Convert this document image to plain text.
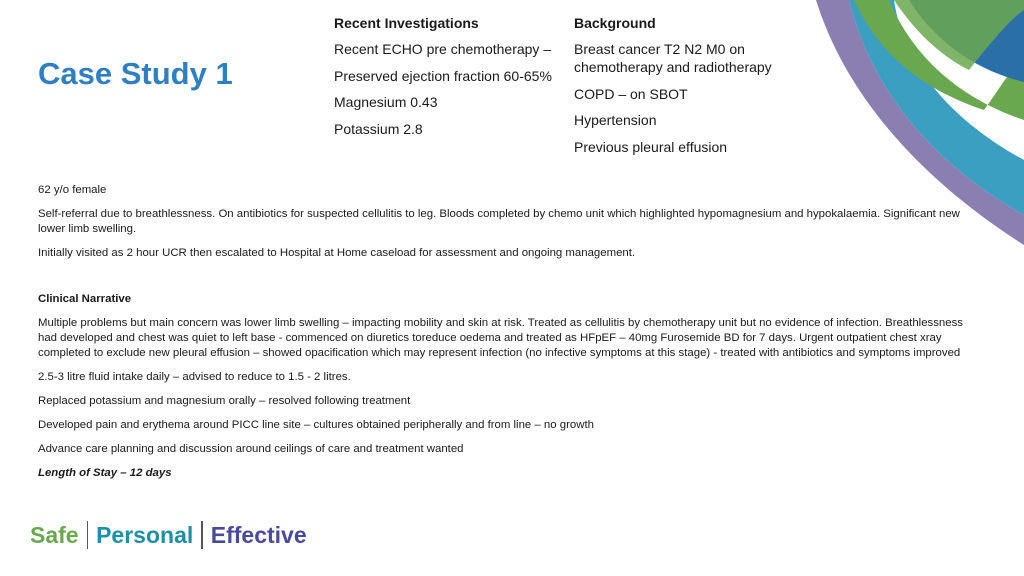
Case Study 1
Recent Investigations
Recent ECHO pre chemotherapy –
Preserved ejection fraction 60-65%
Magnesium 0.43
Potassium 2.8
Background
Breast cancer T2 N2 M0 on chemotherapy and radiotherapy
COPD – on SBOT
Hypertension
Previous pleural effusion

62 y/o female

Self-referral due to breathlessness. On antibiotics for suspected cellulitis to leg. Bloods completed by chemo unit which highlighted hypomagnesium and hypokalaemia. Significant new lower limb swelling.

Initially visited as 2 hour UCR then escalated to Hospital at Home caseload for assessment and ongoing management.

Clinical Narrative

Multiple problems but main concern was lower limb swelling – impacting mobility and skin at risk. Treated as cellulitis by chemotherapy unit but no evidence of infection. Breathlessness had developed and chest was quiet to left base - commenced on diuretics toreduce oedema and treated as HFpEF – 40mg Furosemide BD for 7 days. Urgent outpatient chest xray completed to exclude new pleural effusion – showed opacification which may represent infection (no infective symptoms at this stage) - treated with antibiotics and symptoms improved

2.5-3 litre fluid intake daily – advised to reduce to 1.5 - 2 litres.

Replaced potassium and magnesium orally – resolved following treatment

Developed pain and erythema around PICC line site – cultures obtained peripherally and from line – no growth

Advance care planning and discussion around ceilings of care and treatment wanted

Length of Stay – 12 days

Safe Personal Effective
